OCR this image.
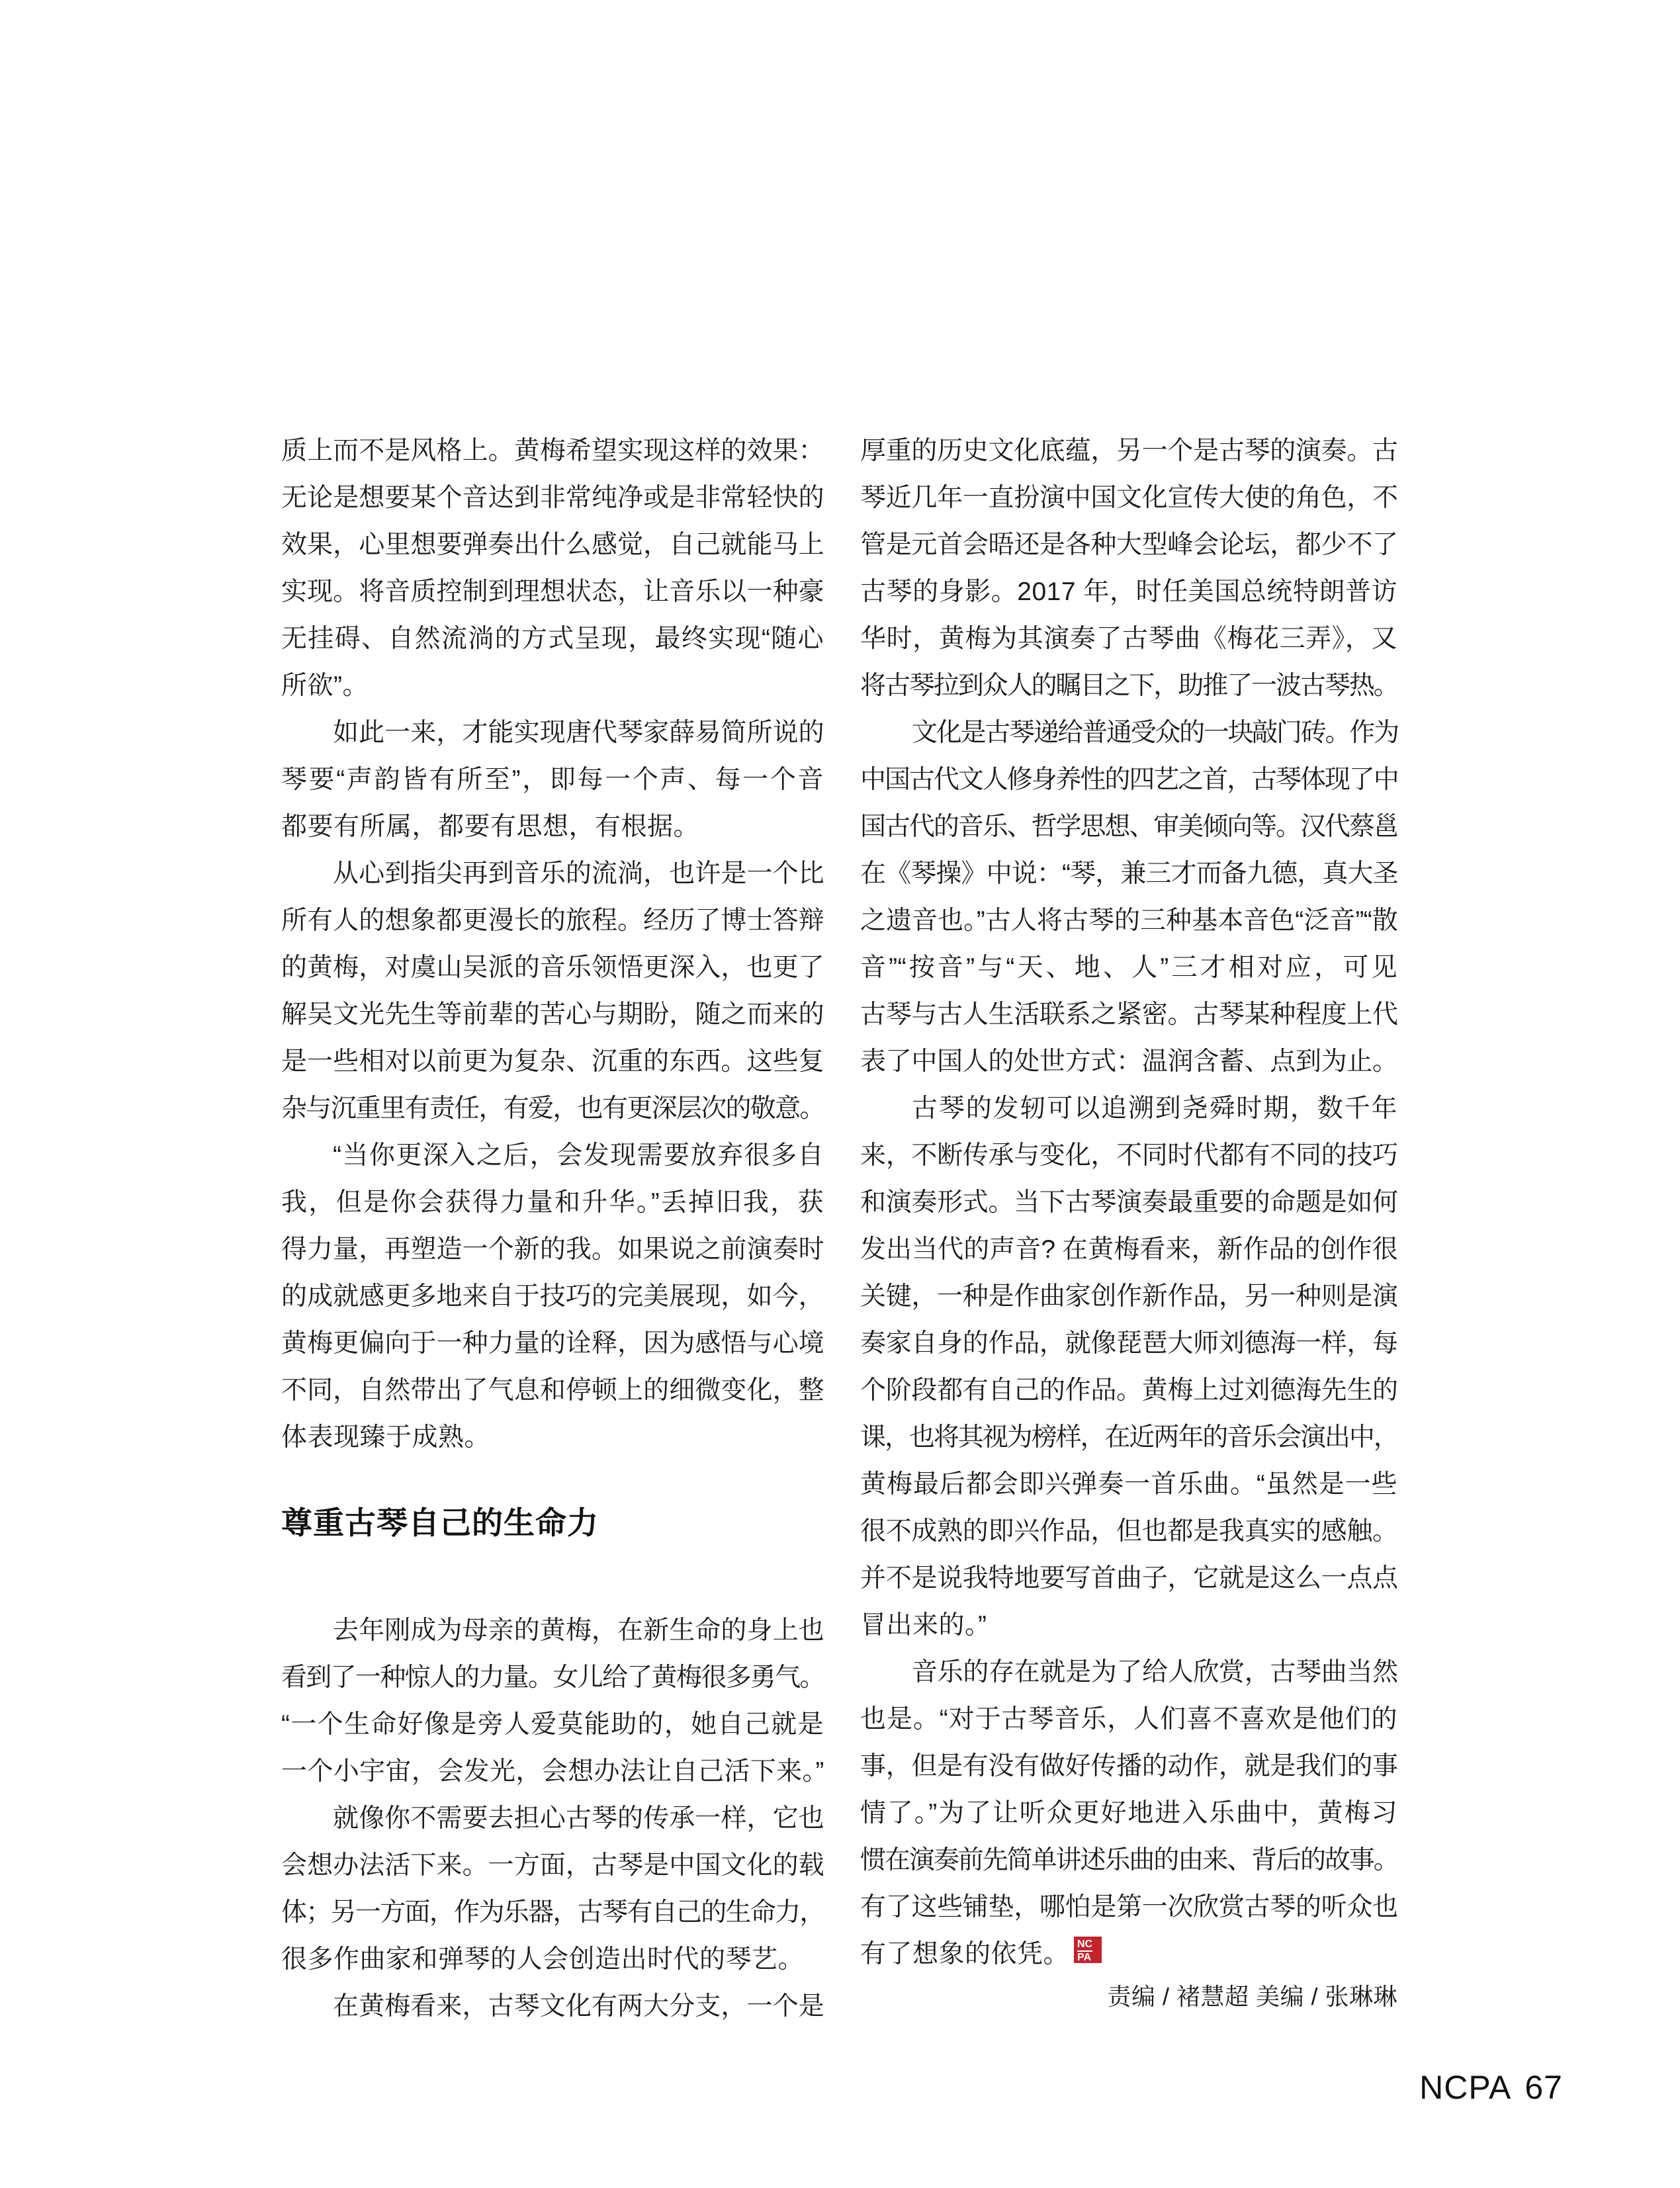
质上而不是风格上。黄梅希望实现这样的效果：
无论是想要某个音达到非常纯净或是非常轻快的
效果，心里想要弹奏出什么感觉，自己就能马上
实现。将音质控制到理想状态，让音乐以一种豪
无挂碍、自然流淌的方式呈现，最终实现“随心
所欲”。
如此一来，才能实现唐代琴家薛易简所说的
琴要“声韵皆有所至”，即每一个声、每一个音
都要有所属，都要有思想，有根据。
从心到指尖再到音乐的流淌，也许是一个比
所有人的想象都更漫长的旅程。经历了博士答辩
的黄梅，对虞山吴派的音乐领悟更深入，也更了
解吴文光先生等前辈的苦心与期盼，随之而来的
是一些相对以前更为复杂、沉重的东西。这些复
杂与沉重里有责任，有爱，也有更深层次的敬意。
“当你更深入之后，会发现需要放弃很多自
我，但是你会获得力量和升华。”丢掉旧我，获
得力量，再塑造一个新的我。如果说之前演奏时
的成就感更多地来自于技巧的完美展现，如今，
黄梅更偏向于一种力量的诠释，因为感悟与心境
不同，自然带出了气息和停顿上的细微变化，整
体表现臻于成熟。
尊重古琴自己的生命力
去年刚成为母亲的黄梅，在新生命的身上也
看到了一种惊人的力量。女儿给了黄梅很多勇气。
“一个生命好像是旁人爱莫能助的，她自己就是
一个小宇宙，会发光，会想办法让自己活下来。”
就像你不需要去担心古琴的传承一样，它也
会想办法活下来。一方面，古琴是中国文化的载
体；另一方面，作为乐器，古琴有自己的生命力，
很多作曲家和弹琴的人会创造出时代的琴艺。
在黄梅看来，古琴文化有两大分支，一个是
厚重的历史文化底蕴，另一个是古琴的演奏。古
琴近几年一直扮演中国文化宣传大使的角色，不
管是元首会晤还是各种大型峰会论坛，都少不了
古琴的身影。2017 年，时任美国总统特朗普访
华时，黄梅为其演奏了古琴曲《梅花三弄》，又
将古琴拉到众人的瞩目之下，助推了一波古琴热。
文化是古琴递给普通受众的一块敲门砖。作为
中国古代文人修身养性的四艺之首，古琴体现了中
国古代的音乐、哲学思想、审美倾向等。汉代蔡邕
在《琴操》中说：“琴，兼三才而备九德，真大圣
之遗音也。”古人将古琴的三种基本音色“泛音”“散
音”“按音”与“天、地、人”三才相对应，可见
古琴与古人生活联系之紧密。古琴某种程度上代
表了中国人的处世方式：温润含蓄、点到为止。
古琴的发轫可以追溯到尧舜时期，数千年
来，不断传承与变化，不同时代都有不同的技巧
和演奏形式。当下古琴演奏最重要的命题是如何
发出当代的声音? 在黄梅看来，新作品的创作很
关键，一种是作曲家创作新作品，另一种则是演
奏家自身的作品，就像琵琶大师刘德海一样，每
个阶段都有自己的作品。黄梅上过刘德海先生的
课，也将其视为榜样，在近两年的音乐会演出中，
黄梅最后都会即兴弹奏一首乐曲。“虽然是一些
很不成熟的即兴作品，但也都是我真实的感触。
并不是说我特地要写首曲子，它就是这么一点点
冒出来的。”
音乐的存在就是为了给人欣赏，古琴曲当然
也是。“对于古琴音乐，人们喜不喜欢是他们的
事，但是有没有做好传播的动作，就是我们的事
情了。”为了让听众更好地进入乐曲中，黄梅习
惯在演奏前先简单讲述乐曲的由来、背后的故事。
有了这些铺垫，哪怕是第一次欣赏古琴的听众也
有了想象的依凭。 NC
PA
责编 / 褚慧超 美编 / 张琳琳
NCPA 67
